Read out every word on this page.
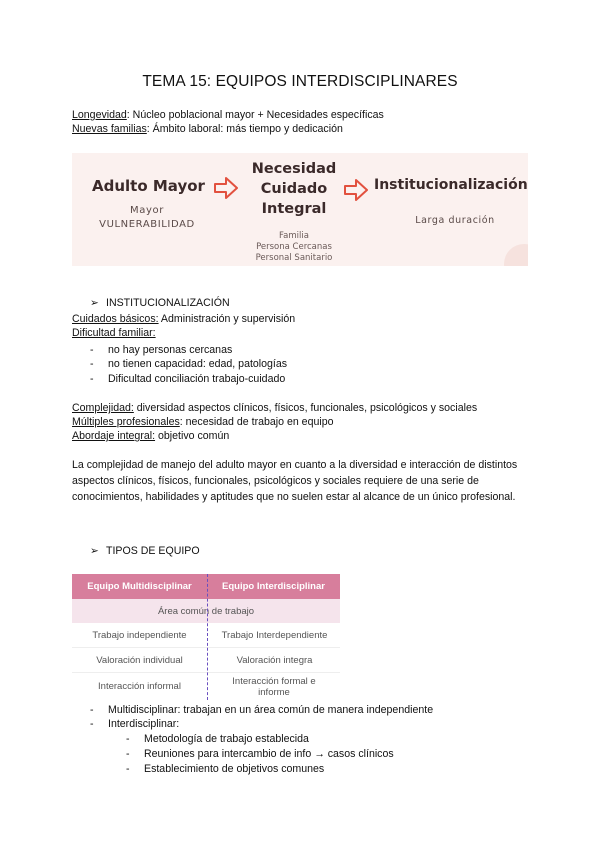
TEMA 15: EQUIPOS INTERDISCIPLINARES
Longevidad: Núcleo poblacional mayor + Necesidades específicas
Nuevas familias: Ámbito laboral: más tiempo y dedicación
Adulto Mayor
Mayor
VULNERABILIDAD
Necesidad
Cuidado
Integral
Familia
Persona Cercanas
Personal Sanitario
Institucionalización
Larga duración
➢ INSTITUCIONALIZACIÓN
Cuidados básicos: Administración y supervisión
Dificultad familiar:
- no hay personas cercanas
- no tienen capacidad: edad, patologías
- Dificultad conciliación trabajo-cuidado
Complejidad: diversidad aspectos clínicos, físicos, funcionales, psicológicos y sociales
Múltiples profesionales: necesidad de trabajo en equipo
Abordaje integral: objetivo común
La complejidad de manejo del adulto mayor en cuanto a la diversidad e interacción de distintos aspectos clínicos, físicos, funcionales, psicológicos y sociales requiere de una serie de conocimientos, habilidades y aptitudes que no suelen estar al alcance de un único profesional.
➢ TIPOS DE EQUIPO
Equipo Multidisciplinar	Equipo Interdisciplinar
Área común de trabajo
Trabajo independiente	Trabajo Interdependiente
Valoración individual	Valoración integra
Interacción informal	Interacción formal e informe
- Multidisciplinar: trabajan en un área común de manera independiente
- Interdisciplinar:
- Metodología de trabajo establecida
- Reuniones para intercambio de info → casos clínicos
- Establecimiento de objetivos comunes
